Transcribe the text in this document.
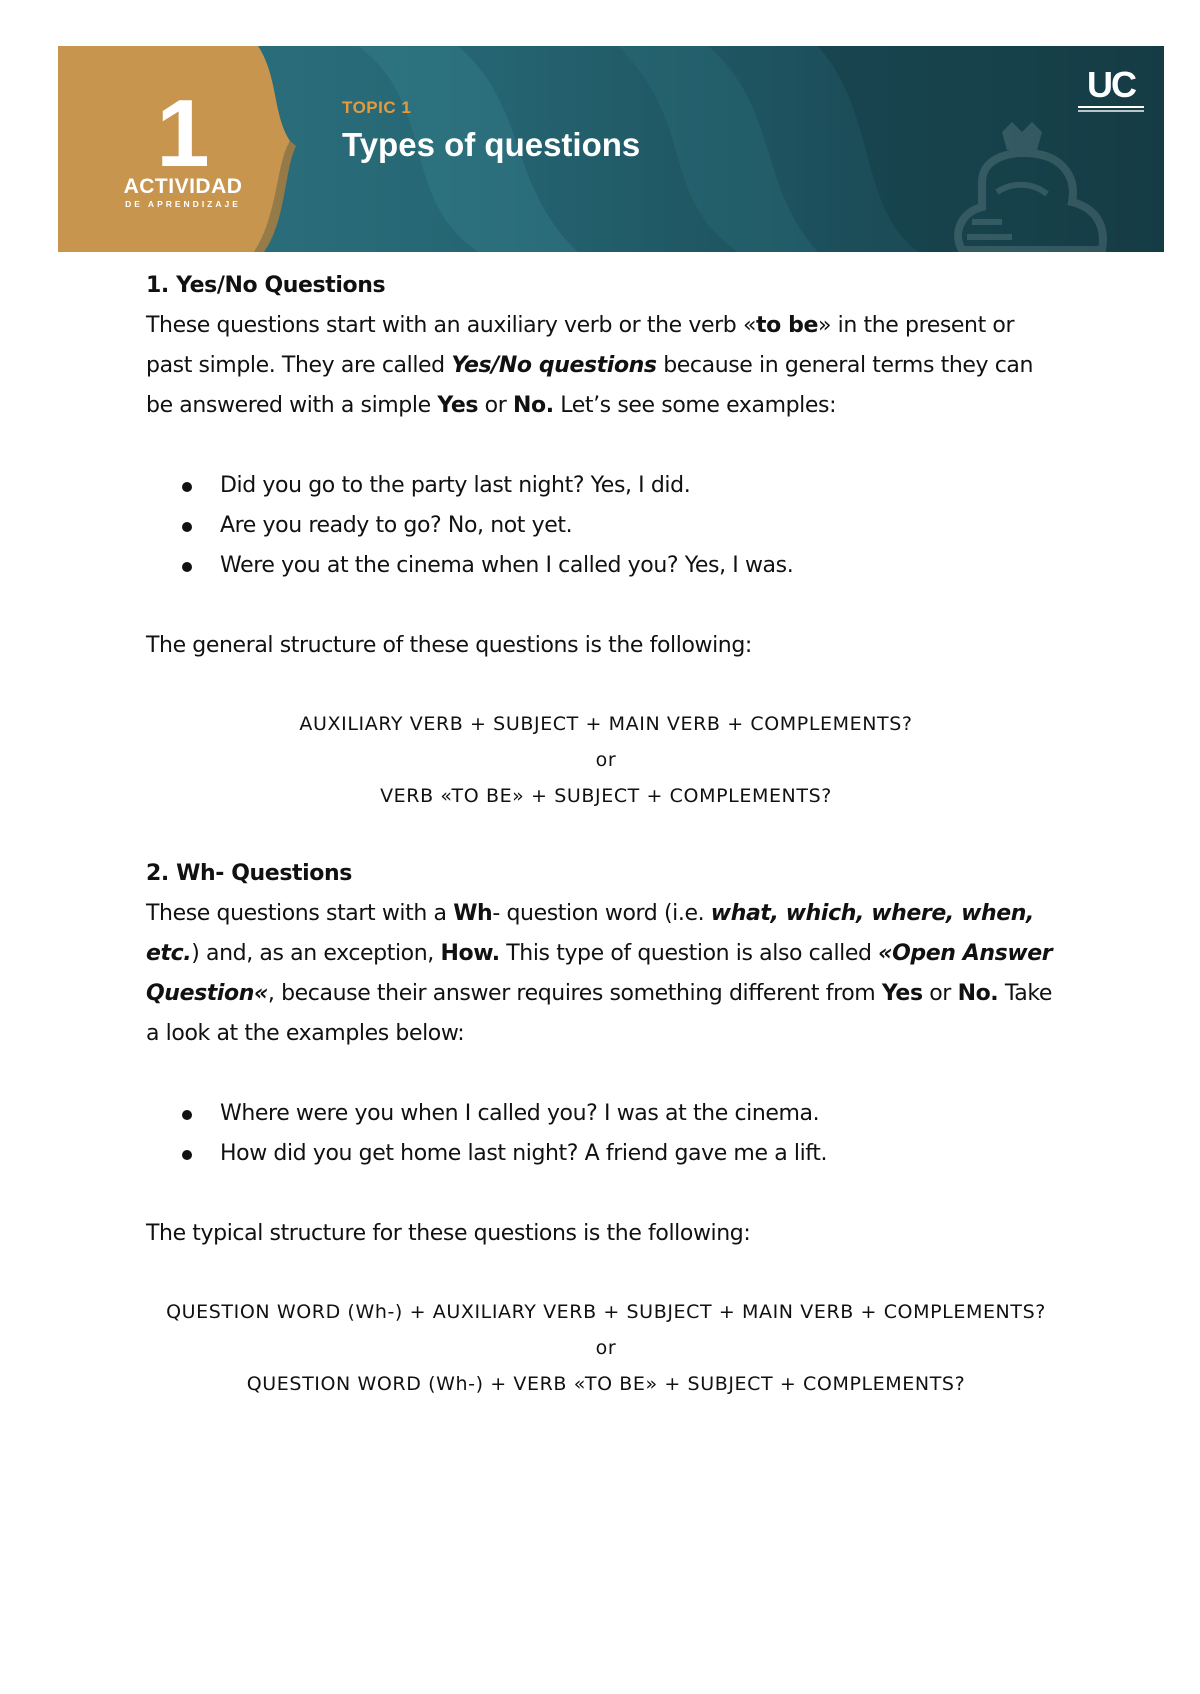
1
ACTIVIDAD
DE APRENDIZAJE
TOPIC 1
Types of questions
UC

1. Yes/No Questions

These questions start with an auxiliary verb or the verb «to be» in the present or past simple. They are called Yes/No questions because in general terms they can be answered with a simple Yes or No. Let’s see some examples:

Did you go to the party last night? Yes, I did.
Are you ready to go? No, not yet.
Were you at the cinema when I called you? Yes, I was.

The general structure of these questions is the following:

AUXILIARY VERB + SUBJECT + MAIN VERB + COMPLEMENTS?
or
VERB «TO BE» + SUBJECT + COMPLEMENTS?

2. Wh- Questions

These questions start with a Wh- question word (i.e. what, which, where, when, etc.) and, as an exception, How. This type of question is also called «Open Answer Question«, because their answer requires something different from Yes or No. Take a look at the examples below:

Where were you when I called you? I was at the cinema.
How did you get home last night? A friend gave me a lift.

The typical structure for these questions is the following:

QUESTION WORD (Wh-) + AUXILIARY VERB + SUBJECT + MAIN VERB + COMPLEMENTS?
or
QUESTION WORD (Wh-) + VERB «TO BE» + SUBJECT + COMPLEMENTS?
